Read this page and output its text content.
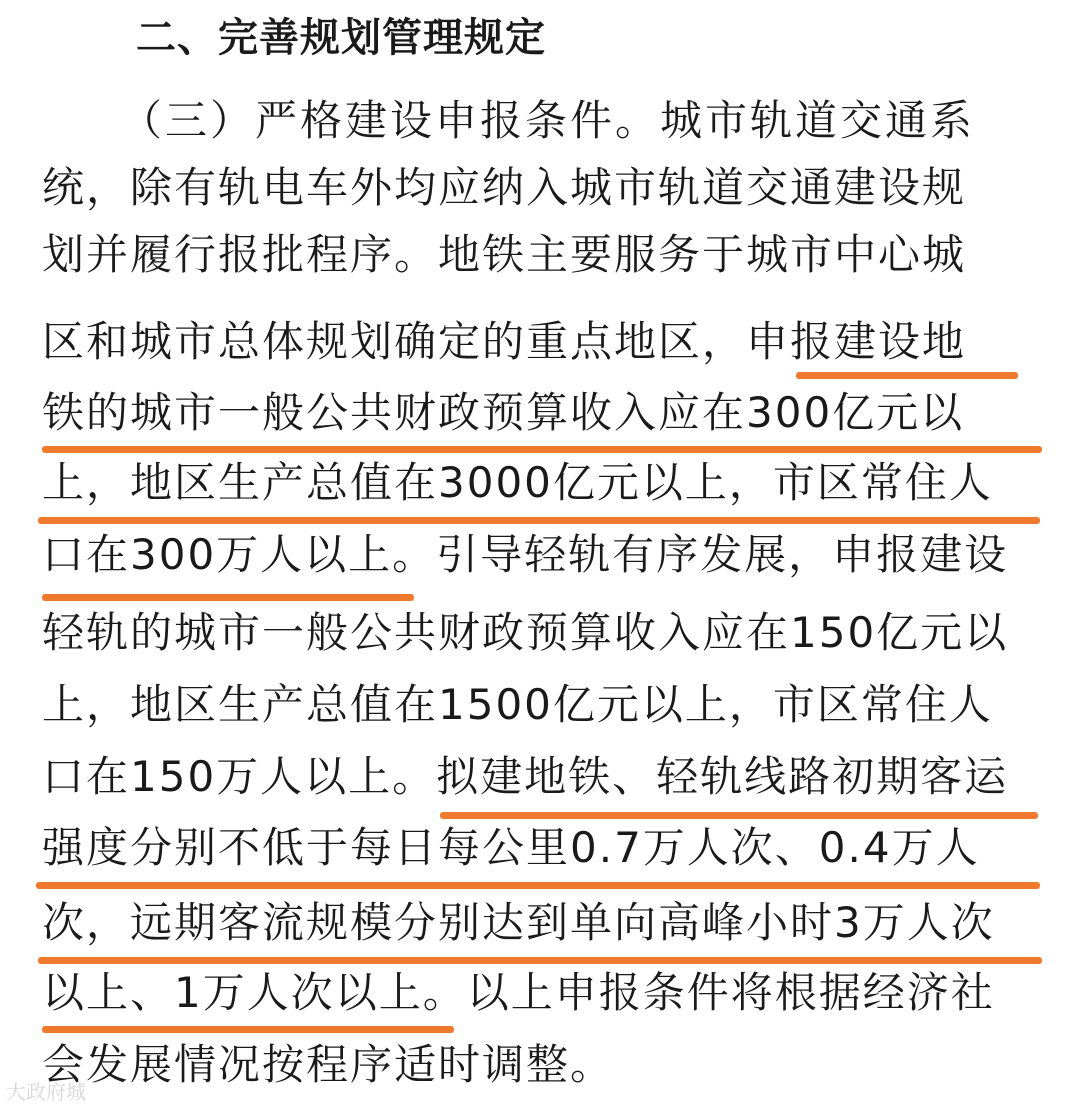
二、完善规划管理规定
（三）严格建设申报条件。城市轨道交通系
统，除有轨电车外均应纳入城市轨道交通建设规
划并履行报批程序。地铁主要服务于城市中心城
区和城市总体规划确定的重点地区，申报建设地
铁的城市一般公共财政预算收入应在300亿元以
上，地区生产总值在3000亿元以上，市区常住人
口在300万人以上。引导轻轨有序发展，申报建设
轻轨的城市一般公共财政预算收入应在150亿元以
上，地区生产总值在1500亿元以上，市区常住人
口在150万人以上。拟建地铁、轻轨线路初期客运
强度分别不低于每日每公里0.7万人次、0.4万人
次，远期客流规模分别达到单向高峰小时3万人次
以上、1万人次以上。以上申报条件将根据经济社
会发展情况按程序适时调整。
大政府城
